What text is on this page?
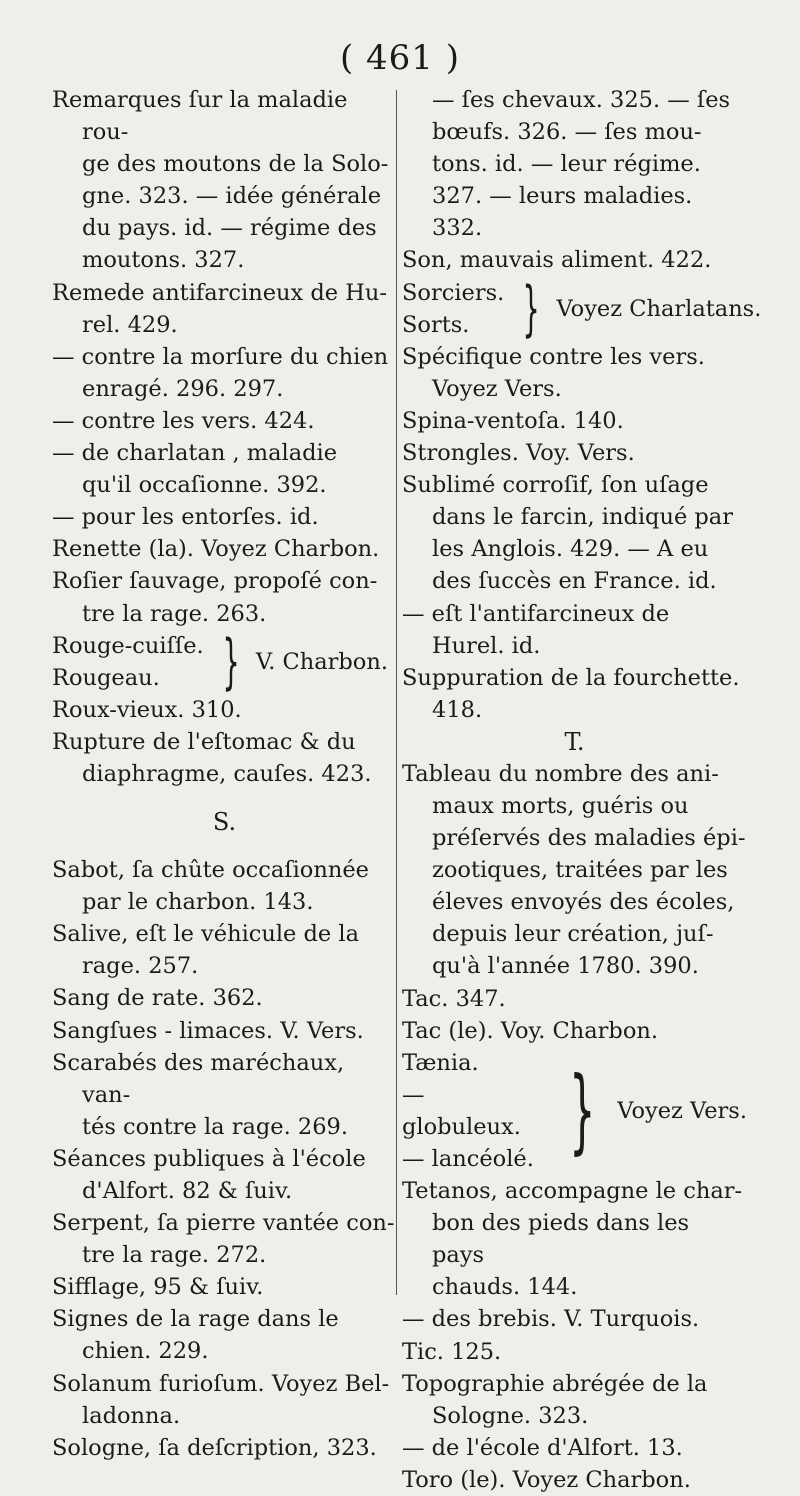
( 461 )

Remarques ſur la maladie rou-
ge des moutons de la Solo-
gne. 323. — idée générale
du pays. id. — régime des
moutons. 327.

Remede antifarcineux de Hu-
rel. 429.

— contre la morſure du chien
enragé. 296. 297.

— contre les vers. 424.

— de charlatan , maladie
qu'il occaſionne. 392.

— pour les entorſes. id.

Renette (la). Voyez Charbon.

Roſier ſauvage, propoſé con-
tre la rage. 263.

Rouge-cuiſſe.
Rougeau.	} V. Charbon.

Roux-vieux. 310.

Rupture de l'eſtomac & du
diaphragme, cauſes. 423.

S.

Sabot, ſa chûte occaſionnée
par le charbon. 143.

Salive, eſt le véhicule de la
rage. 257.

Sang de rate. 362.

Sangſues - limaces. V. Vers.

Scarabés des maréchaux, van-
tés contre la rage. 269.

Séances publiques à l'école
d'Alfort. 82 & ſuiv.

Serpent, ſa pierre vantée con-
tre la rage. 272.

Sifflage, 95 & ſuiv.

Signes de la rage dans le
chien. 229.

Solanum furioſum. Voyez Bel-
ladonna.

Sologne, ſa deſcription, 323.

— ſes chevaux. 325. — ſes
bœufs. 326. — ſes mou-
tons. id. — leur régime.
327. — leurs maladies. 332.

Son, mauvais aliment. 422.

Sorciers.
Sorts. } Voyez Charlatans.

Spécifique contre les vers.
Voyez Vers.

Spina-ventoſa. 140.

Strongles. Voy. Vers.

Sublimé corroſif, ſon uſage
dans le farcin, indiqué par
les Anglois. 429. — A eu
des ſuccès en France. id.

— eſt l'antifarcineux de
Hurel. id.

Suppuration de la fourchette.
418.

T.

Tableau du nombre des ani-
maux morts, guéris ou
préſervés des maladies épi-
zootiques, traitées par les
éleves envoyés des écoles,
depuis leur création, juſ-
qu'à l'année 1780. 390.

Tac. 347.

Tac (le). Voy. Charbon.

Tænia.
— globuleux.
— lancéolé. } Voyez Vers.

Tetanos, accompagne le char-
bon des pieds dans les pays
chauds. 144.

— des brebis. V. Turquois.

Tic. 125.

Topographie abrégée de la
Sologne. 323.

— de l'école d'Alfort. 13.

Toro (le). Voyez Charbon.
